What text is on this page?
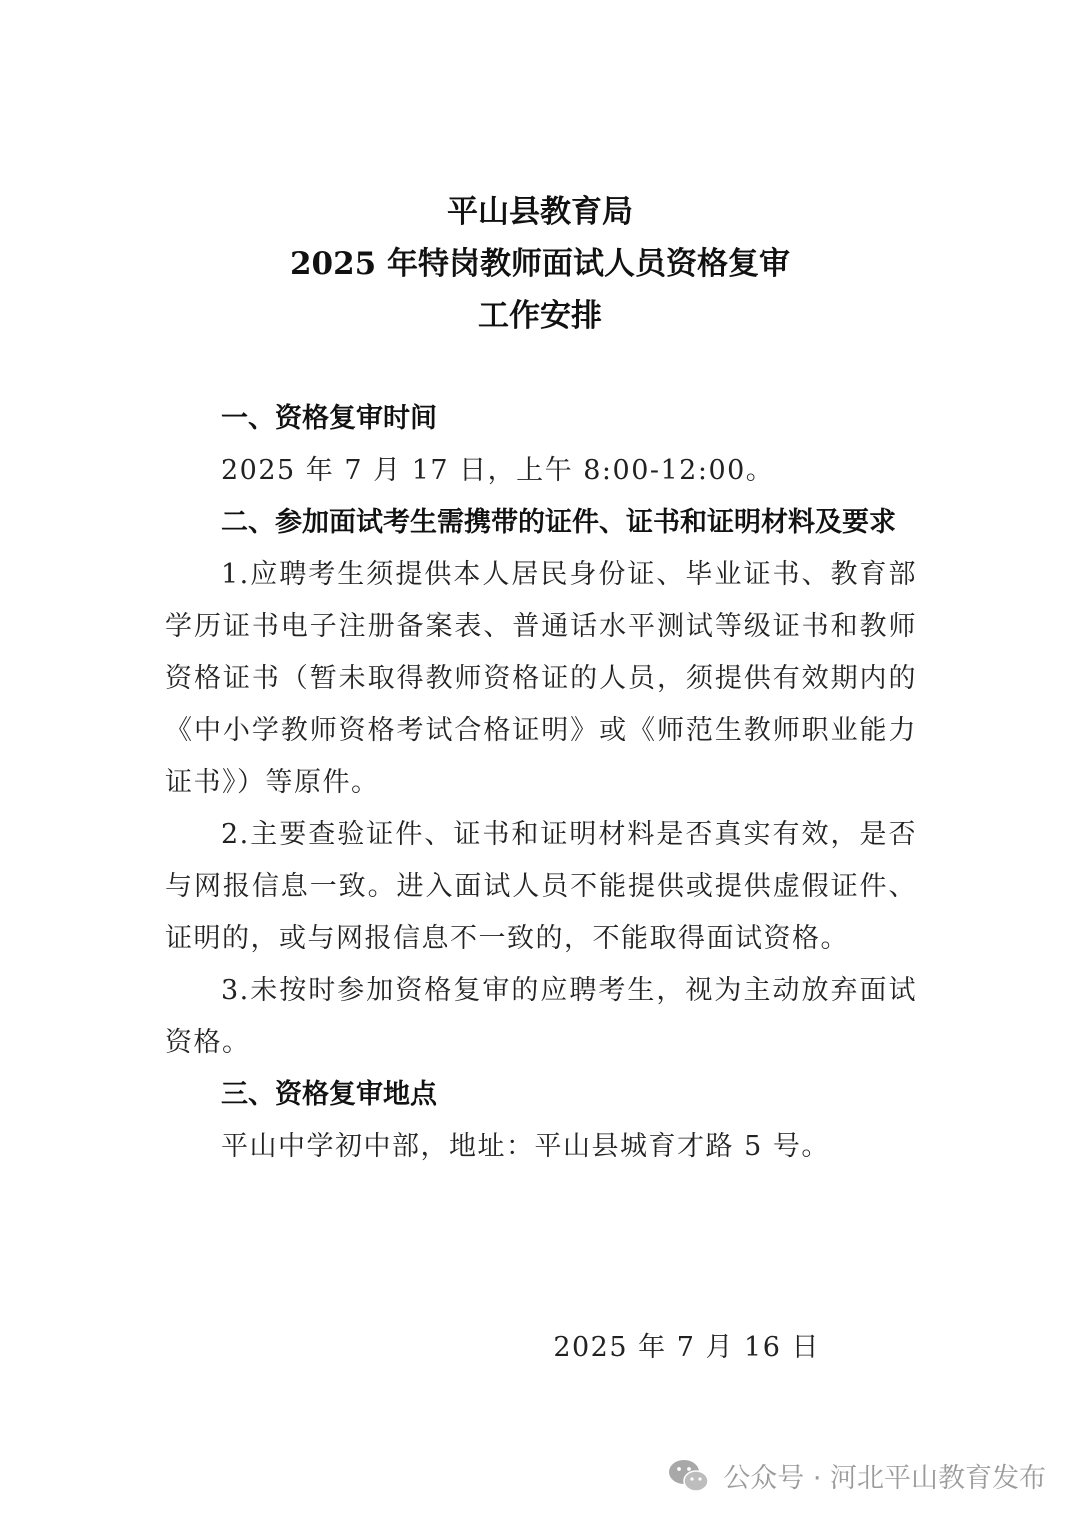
平山县教育局
2025 年特岗教师面试人员资格复审
工作安排

一、资格复审时间

2025 年 7 月 17 日，上午 8:00-12:00。

二、参加面试考生需携带的证件、证书和证明材料及要求

1.应聘考生须提供本人居民身份证、毕业证书、教育部学历证书电子注册备案表、普通话水平测试等级证书和教师资格证书（暂未取得教师资格证的人员，须提供有效期内的《中小学教师资格考试合格证明》或《师范生教师职业能力证书》）等原件。

2.主要查验证件、证书和证明材料是否真实有效，是否与网报信息一致。进入面试人员不能提供或提供虚假证件、证明的，或与网报信息不一致的，不能取得面试资格。

3.未按时参加资格复审的应聘考生，视为主动放弃面试资格。

三、资格复审地点

平山中学初中部，地址：平山县城育才路 5 号。

2025 年 7 月 16 日
公众号 · 河北平山教育发布
